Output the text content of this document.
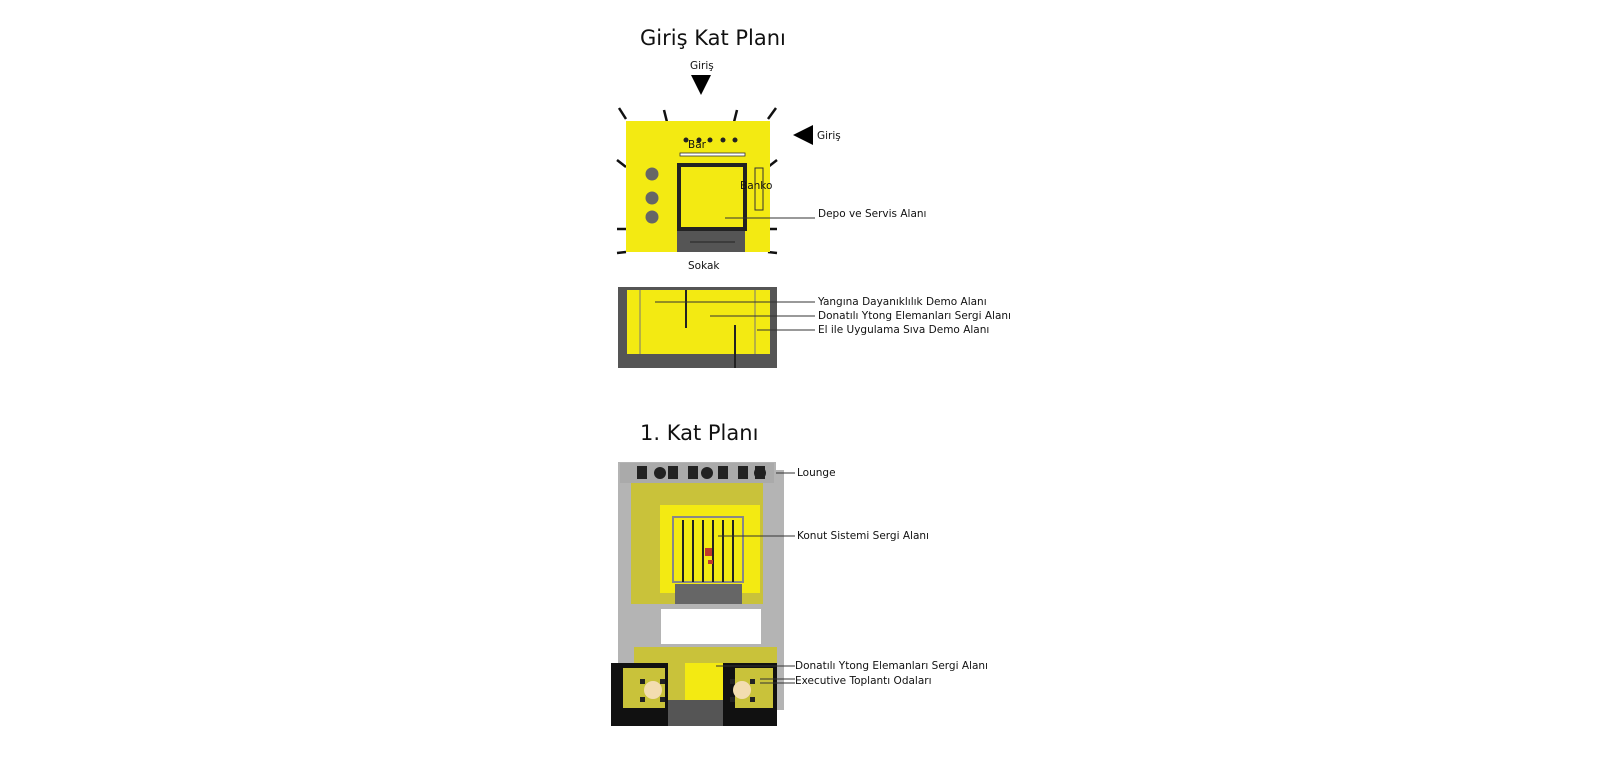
Giriş Kat Planı
Giriş
Giriş
Bar
Banko
Depo ve Servis Alanı
Sokak
Yangına Dayanıklılık Demo Alanı
Donatılı Ytong Elemanları Sergi Alanı
El ile Uygulama Sıva Demo Alanı
1. Kat Planı
Lounge
Konut Sistemi Sergi Alanı
Donatılı Ytong Elemanları Sergi Alanı
Executive Toplantı Odaları
